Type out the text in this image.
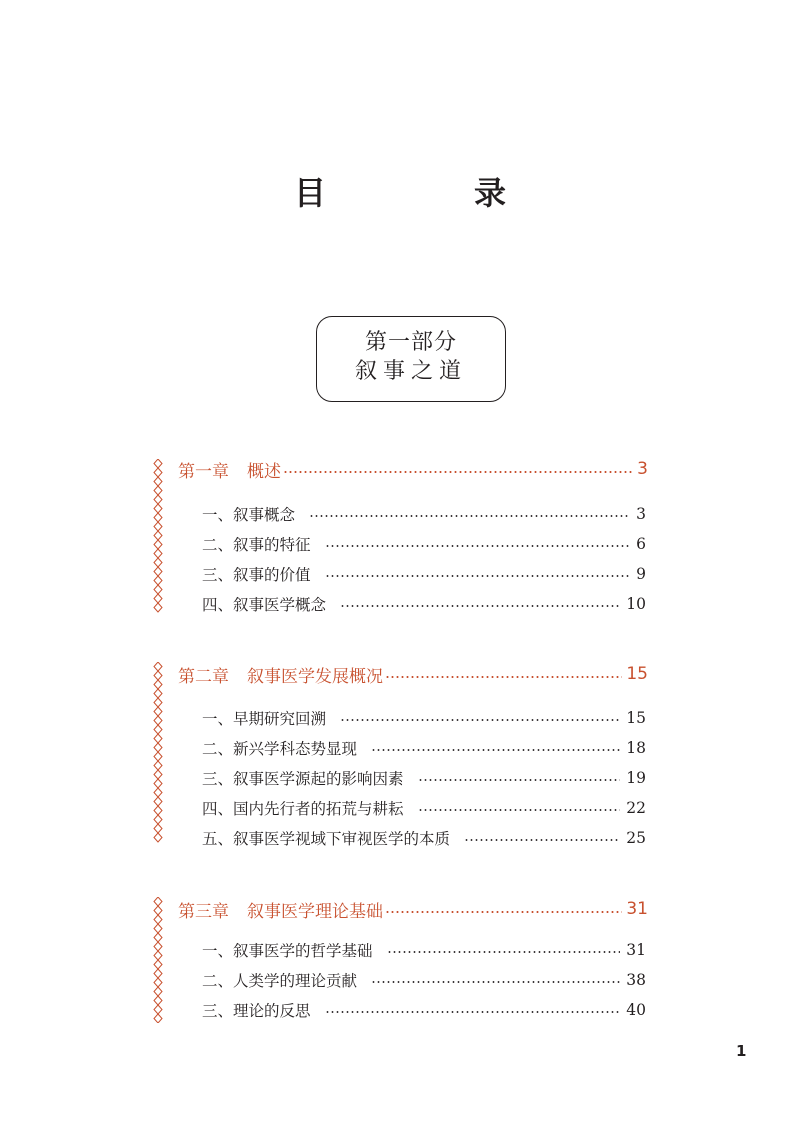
目　录
第一部分
叙事之道
第一章 概述	3
一、叙事概念	3
二、叙事的特征	6
三、叙事的价值	9
四、叙事医学概念	10
第二章 叙事医学发展概况	15
一、早期研究回溯	15
二、新兴学科态势显现	18
三、叙事医学源起的影响因素	19
四、国内先行者的拓荒与耕耘	22
五、叙事医学视域下审视医学的本质	25
第三章 叙事医学理论基础	31
一、叙事医学的哲学基础	31
二、人类学的理论贡献	38
三、理论的反思	40
1
